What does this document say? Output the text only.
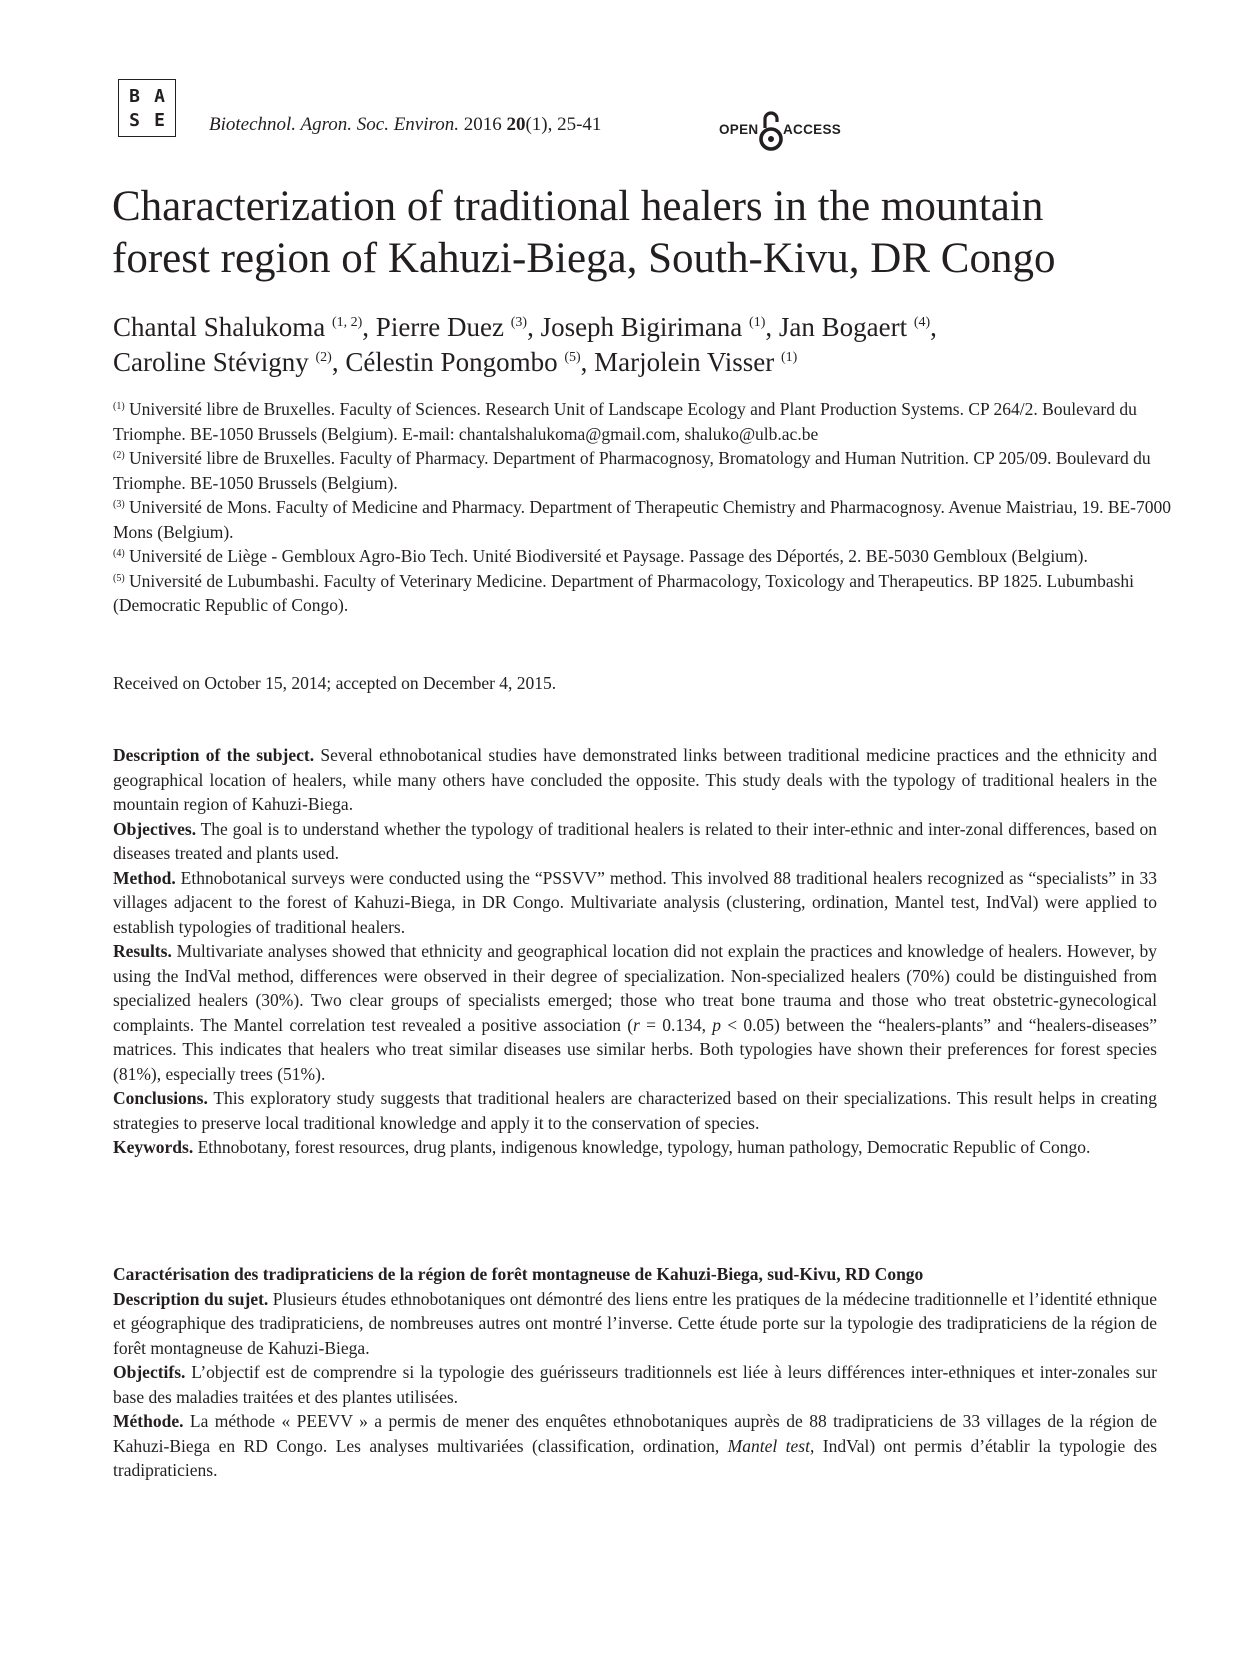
B A
S E	Biotechnol. Agron. Soc. Environ. 2016 20(1), 25-41	OPEN ACCESS
Characterization of traditional healers in the mountain
forest region of Kahuzi-Biega, South-Kivu, DR Congo
Chantal Shalukoma $^{(1, 2)}$, Pierre Duez $^{(3)}$, Joseph Bigirimana $^{(1)}$, Jan Bogaert $^{(4)}$,
Caroline Stévigny $^{(2)}$, Célestin Pongombo $^{(5)}$, Marjolein Visser $^{(1)}$

$^{(1)}$ Université libre de Bruxelles. Faculty of Sciences. Research Unit of Landscape Ecology and Plant Production Systems. CP 264/2. Boulevard du Triomphe. BE-1050 Brussels (Belgium). E-mail: chantalshalukoma@gmail.com, shaluko@ulb.ac.be

$^{(2)}$ Université libre de Bruxelles. Faculty of Pharmacy. Department of Pharmacognosy, Bromatology and Human Nutrition. CP 205/09. Boulevard du Triomphe. BE-1050 Brussels (Belgium).

$^{(3)}$ Université de Mons. Faculty of Medicine and Pharmacy. Department of Therapeutic Chemistry and Pharmacognosy. Avenue Maistriau, 19. BE-7000 Mons (Belgium).

$^{(4)}$ Université de Liège - Gembloux Agro-Bio Tech. Unité Biodiversité et Paysage. Passage des Déportés, 2. BE-5030 Gembloux (Belgium).

$^{(5)}$ Université de Lubumbashi. Faculty of Veterinary Medicine. Department of Pharmacology, Toxicology and Therapeutics. BP 1825. Lubumbashi (Democratic Republic of Congo).

Received on October 15, 2014; accepted on December 4, 2015.

Description of the subject. Several ethnobotanical studies have demonstrated links between traditional medicine practices and the ethnicity and geographical location of healers, while many others have concluded the opposite. This study deals with the typology of traditional healers in the mountain region of Kahuzi-Biega.

Objectives. The goal is to understand whether the typology of traditional healers is related to their inter-ethnic and inter-zonal differences, based on diseases treated and plants used.

Method. Ethnobotanical surveys were conducted using the “PSSVV” method. This involved 88 traditional healers recognized as “specialists” in 33 villages adjacent to the forest of Kahuzi-Biega, in DR Congo. Multivariate analysis (clustering, ordination, Mantel test, IndVal) were applied to establish typologies of traditional healers.

Results. Multivariate analyses showed that ethnicity and geographical location did not explain the practices and knowledge of healers. However, by using the IndVal method, differences were observed in their degree of specialization. Non-specialized healers (70%) could be distinguished from specialized healers (30%). Two clear groups of specialists emerged; those who treat bone trauma and those who treat obstetric-gynecological complaints. The Mantel correlation test revealed a positive association (r = 0.134, p < 0.05) between the “healers-plants” and “healers-diseases” matrices. This indicates that healers who treat similar diseases use similar herbs. Both typologies have shown their preferences for forest species (81%), especially trees (51%).

Conclusions. This exploratory study suggests that traditional healers are characterized based on their specializations. This result helps in creating strategies to preserve local traditional knowledge and apply it to the conservation of species.

Keywords. Ethnobotany, forest resources, drug plants, indigenous knowledge, typology, human pathology, Democratic Republic of Congo.

Caractérisation des tradipraticiens de la région de forêt montagneuse de Kahuzi-Biega, sud-Kivu, RD Congo

Description du sujet. Plusieurs études ethnobotaniques ont démontré des liens entre les pratiques de la médecine traditionnelle et l’identité ethnique et géographique des tradipraticiens, de nombreuses autres ont montré l’inverse. Cette étude porte sur la typologie des tradipraticiens de la région de forêt montagneuse de Kahuzi-Biega.

Objectifs. L’objectif est de comprendre si la typologie des guérisseurs traditionnels est liée à leurs différences inter-ethniques et inter-zonales sur base des maladies traitées et des plantes utilisées.

Méthode. La méthode « PEEVV » a permis de mener des enquêtes ethnobotaniques auprès de 88 tradipraticiens de 33 villages de la région de Kahuzi-Biega en RD Congo. Les analyses multivariées (classification, ordination, Mantel test, IndVal) ont permis d’établir la typologie des tradipraticiens.
